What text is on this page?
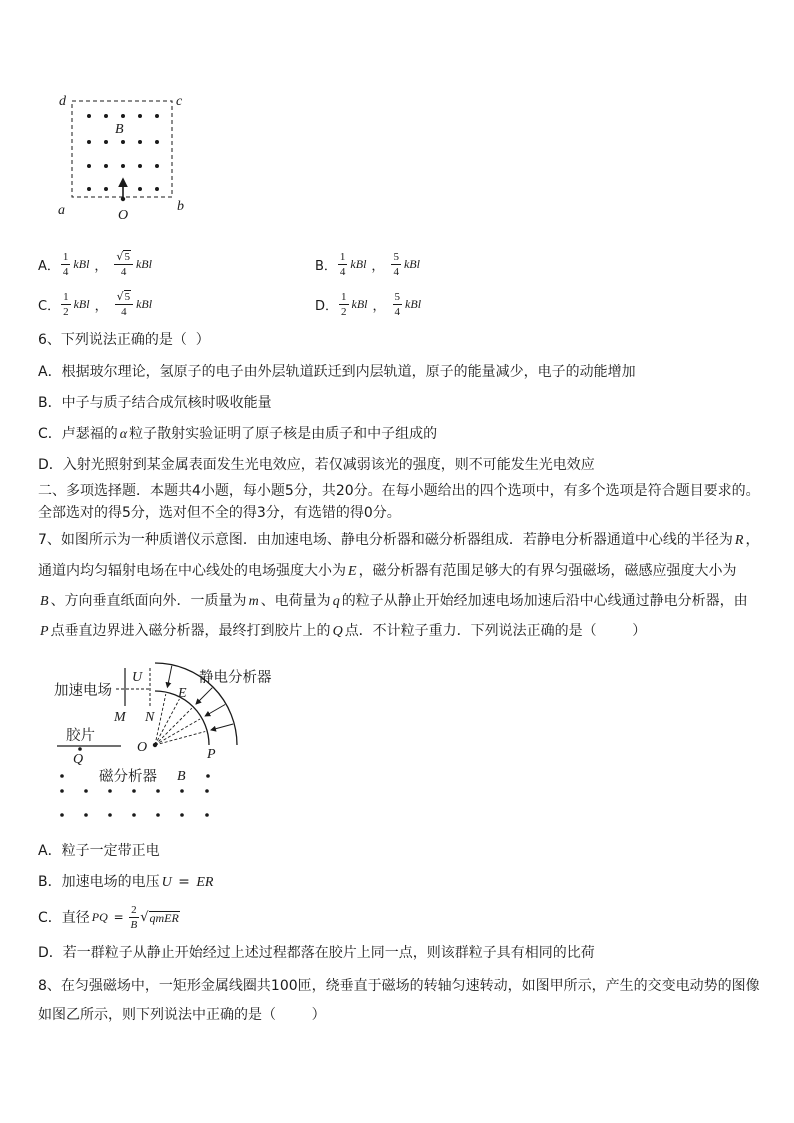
d	c
a	b
B
O
A． $\frac{1}{4}$ kBl ， $\frac{√5}{4}$ kBl	B． $\frac{1}{4}$ kBl ， $\frac{5}{4}$ kBl
C． $\frac{1}{2}$ kBl ， $\frac{√5}{4}$ kBl	D． $\frac{1}{2}$ kBl ， $\frac{5}{4}$ kBl
6、下列说法正确的是（  ）
A．根据玻尔理论，氢原子的电子由外层轨道跃迁到内层轨道，原子的能量减少，电子的动能增加
B．中子与质子结合成氘核时吸收能量
C．卢瑟福的 α 粒子散射实验证明了原子核是由质子和中子组成的
D．入射光照射到某金属表面发生光电效应，若仅减弱该光的强度，则不可能发生光电效应
二、多项选择题．本题共4小题，每小题5分，共20分。在每小题给出的四个选项中，有多个选项是符合题目要求的。
全部选对的得5分，选对但不全的得3分，有选错的得0分。
7、如图所示为一种质谱仪示意图．由加速电场、静电分析器和磁分析器组成．若静电分析器通道中心线的半径为 R ，
通道内均匀辐射电场在中心线处的电场强度大小为 E ，磁分析器有范围足够大的有界匀强磁场，磁感应强度大小为
B 、方向垂直纸面向外．一质量为 m 、电荷量为 q 的粒子从静止开始经加速电场加速后沿中心线通过静电分析器，由
P 点垂直边界进入磁分析器，最终打到胶片上的 Q 点．不计粒子重力．下列说法正确的是（        ）
加速电场
U
M N
静电分析器
E
O	P
胶片
Q
磁分析器 B
A．粒子一定带正电
B．加速电场的电压 U = ER
C．直径 PQ = $\frac{2}{B}$ √ qmER
D．若一群粒子从静止开始经过上述过程都落在胶片上同一点，则该群粒子具有相同的比荷
8、在匀强磁场中，一矩形金属线圈共100匝，绕垂直于磁场的转轴匀速转动，如图甲所示，产生的交变电动势的图像
如图乙所示，则下列说法中正确的是（        ）
